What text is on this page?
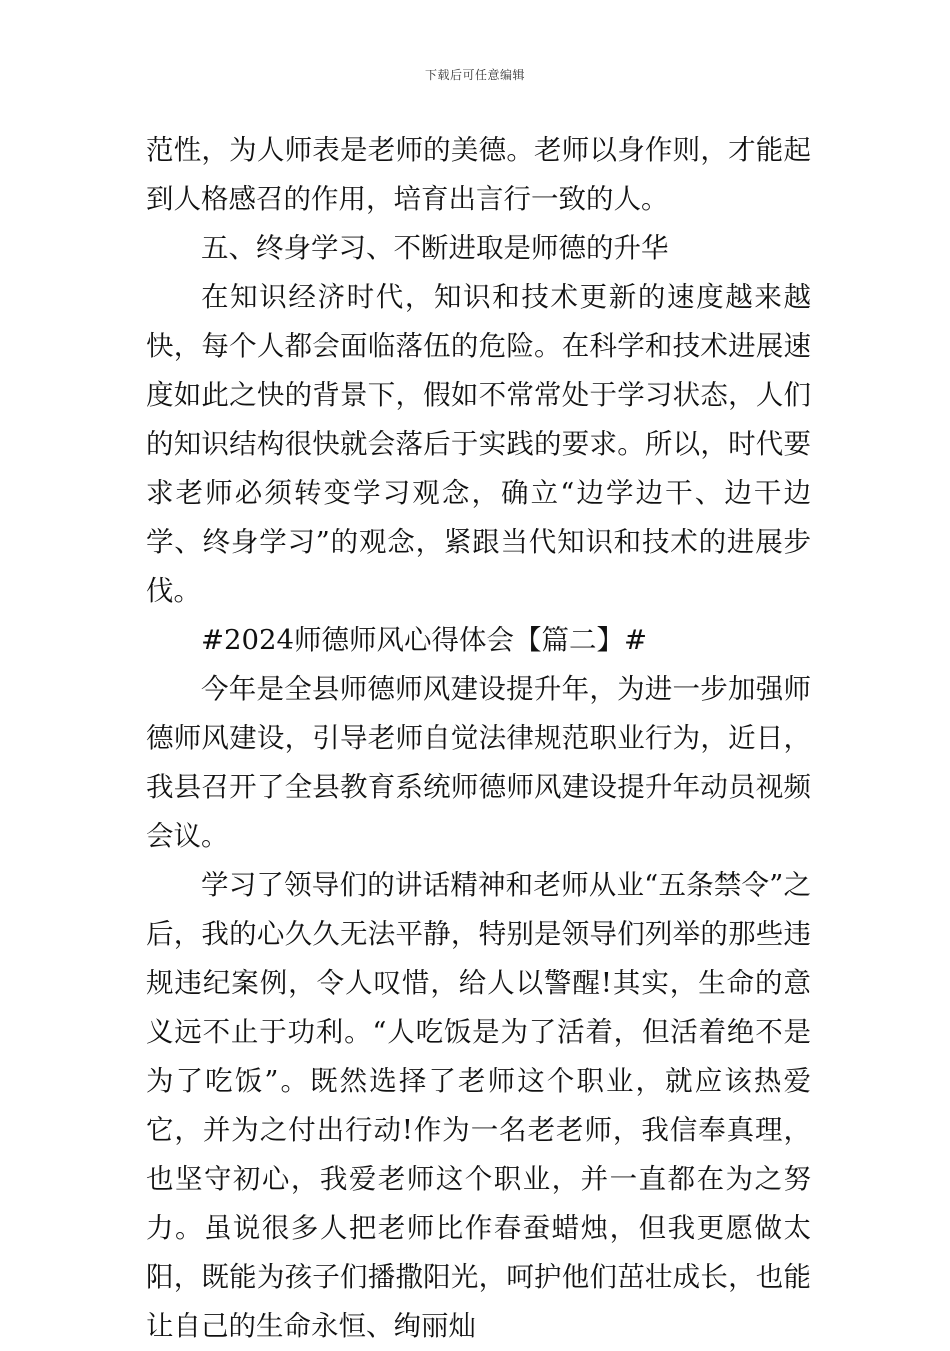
下载后可任意编辑

范性，为人师表是老师的美德。老师以身作则，才能起到人格感召的作用，培育出言行一致的人。

五、终身学习、不断进取是师德的升华

在知识经济时代，知识和技术更新的速度越来越快，每个人都会面临落伍的危险。在科学和技术进展速度如此之快的背景下，假如不常常处于学习状态，人们的知识结构很快就会落后于实践的要求。所以，时代要求老师必须转变学习观念，确立“边学边干、边干边学、终身学习”的观念，紧跟当代知识和技术的进展步伐。

#2024师德师风心得体会【篇二】#

今年是全县师德师风建设提升年，为进一步加强师德师风建设，引导老师自觉法律规范职业行为，近日，我县召开了全县教育系统师德师风建设提升年动员视频会议。

学习了领导们的讲话精神和老师从业“五条禁令”之后，我的心久久无法平静，特别是领导们列举的那些违规违纪案例，令人叹惜，给人以警醒!其实，生命的意义远不止于功利。“人吃饭是为了活着，但活着绝不是为了吃饭”。既然选择了老师这个职业，就应该热爱它，并为之付出行动!作为一名老老师，我信奉真理，也坚守初心，我爱老师这个职业，并一直都在为之努力。虽说很多人把老师比作春蚕蜡烛，但我更愿做太阳，既能为孩子们播撒阳光，呵护他们茁壮成长，也能让自己的生命永恒、绚丽灿
